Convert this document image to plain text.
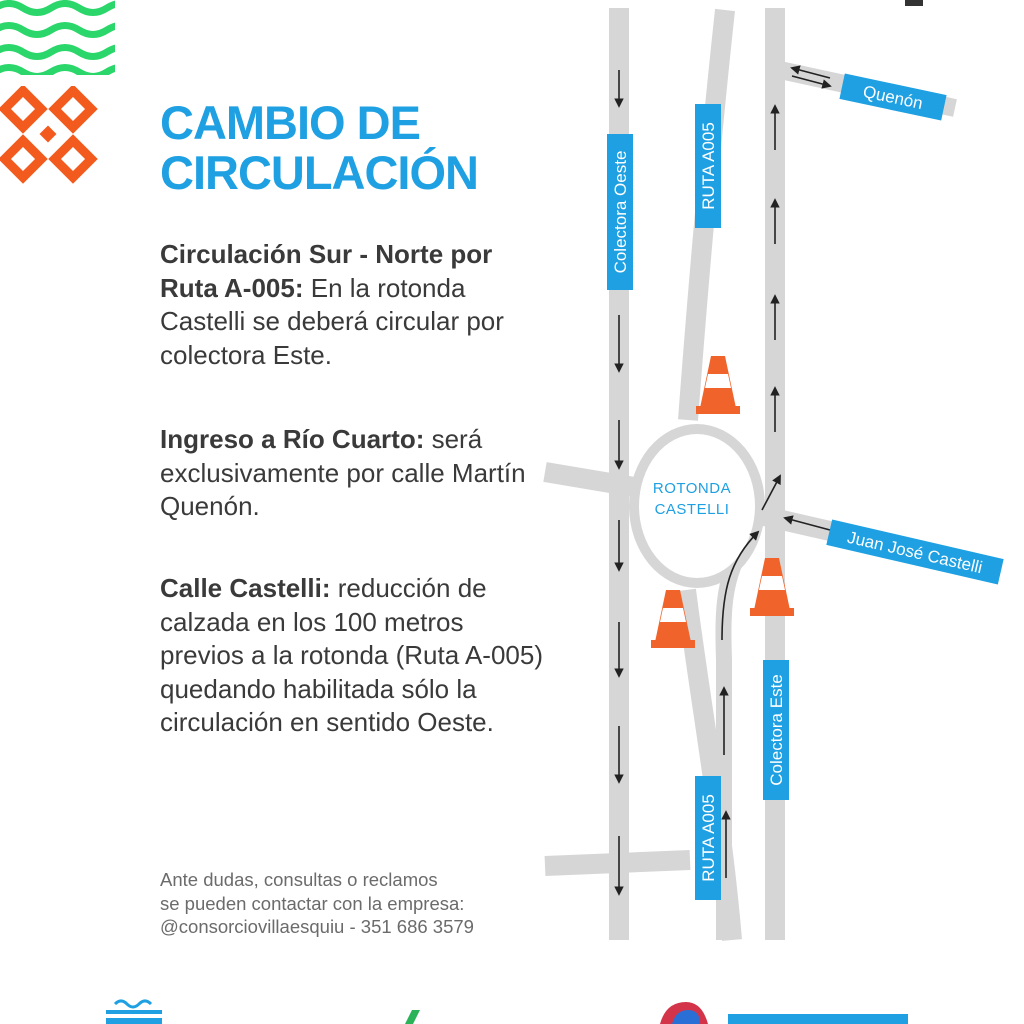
CAMBIO DE
CIRCULACIÓN

Circulación Sur - Norte por Ruta A-005: En la rotonda Castelli se deberá circular por colectora Este.

Ingreso a Río Cuarto: será exclusivamente por calle Martín Quenón.

Calle Castelli: reducción de calzada en los 100 metros previos a la rotonda (Ruta A-005) quedando habilitada sólo la circulación en sentido Oeste.

Ante dudas, consultas o reclamos
se pueden contactar con la empresa:
@consorciovillaesquiu - 351 686 3579

ROTONDA
CASTELLI
Colectora Oeste	RUTA A005
Quenón
Juan José Castelli
Colectora Este
RUTA A005
